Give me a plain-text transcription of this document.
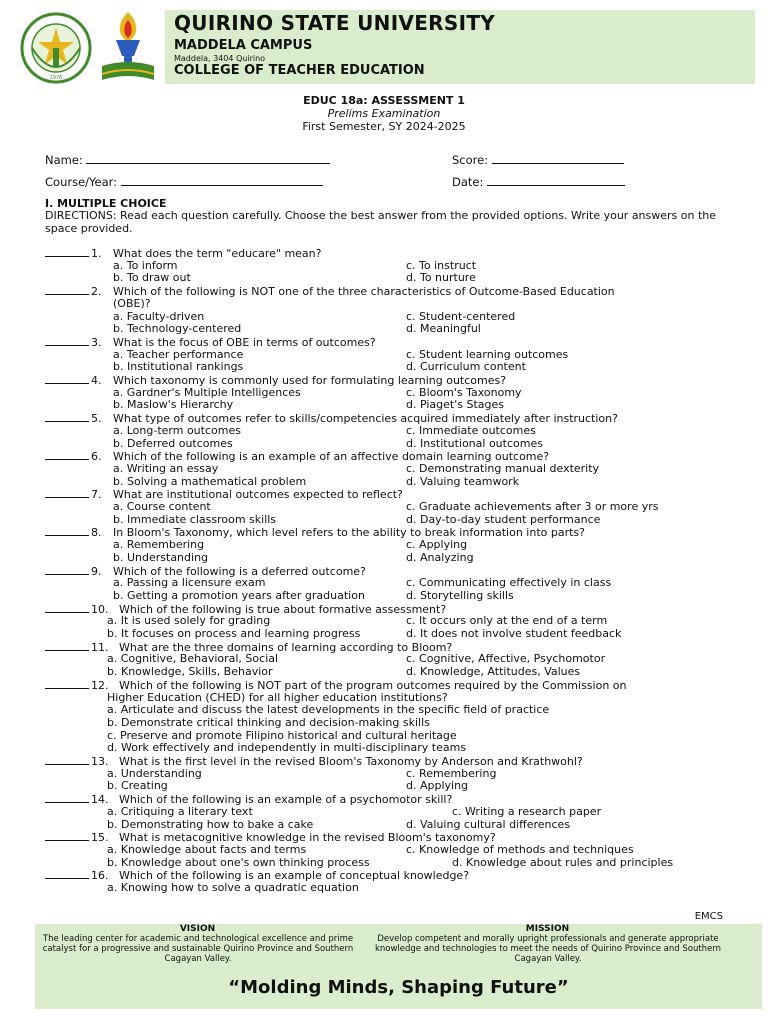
1976
QUIRINO STATE UNIVERSITY
MADDELA CAMPUS
Maddela, 3404 Quirino
COLLEGE OF TEACHER EDUCATION
EDUC 18a: ASSESSMENT 1
Prelims Examination
First Semester, SY 2024-2025
Name:	Score:
Course/Year:	Date:
I. MULTIPLE CHOICE
DIRECTIONS: Read each question carefully. Choose the best answer from the provided options. Write your answers on the space provided.
1. What does the term "educare" mean?
a. To inform	c. To instruct
b. To draw out	d. To nurture
2. Which of the following is NOT one of the three characteristics of Outcome-Based Education
(OBE)?
a. Faculty-driven	c. Student-centered
b. Technology-centered	d. Meaningful
3. What is the focus of OBE in terms of outcomes?
a. Teacher performance	c. Student learning outcomes
b. Institutional rankings	d. Curriculum content
4. Which taxonomy is commonly used for formulating learning outcomes?
a. Gardner's Multiple Intelligences	c. Bloom's Taxonomy
b. Maslow's Hierarchy	d. Piaget's Stages
5. What type of outcomes refer to skills/competencies acquired immediately after instruction?
a. Long-term outcomes	c. Immediate outcomes
b. Deferred outcomes	d. Institutional outcomes
6. Which of the following is an example of an affective domain learning outcome?
a. Writing an essay	c. Demonstrating manual dexterity
b. Solving a mathematical problem	d. Valuing teamwork
7. What are institutional outcomes expected to reflect?
a. Course content	c. Graduate achievements after 3 or more yrs
b. Immediate classroom skills	d. Day-to-day student performance
8. In Bloom's Taxonomy, which level refers to the ability to break information into parts?
a. Remembering	c. Applying
b. Understanding	d. Analyzing
9. Which of the following is a deferred outcome?
a. Passing a licensure exam	c. Communicating effectively in class
b. Getting a promotion years after graduation	d. Storytelling skills
10. Which of the following is true about formative assessment?
a. It is used solely for grading	c. It occurs only at the end of a term
b. It focuses on process and learning progress	d. It does not involve student feedback
11. What are the three domains of learning according to Bloom?
a. Cognitive, Behavioral, Social	c. Cognitive, Affective, Psychomotor
b. Knowledge, Skills, Behavior	d. Knowledge, Attitudes, Values
12. Which of the following is NOT part of the program outcomes required by the Commission on
Higher Education (CHED) for all higher education institutions?
a. Articulate and discuss the latest developments in the specific field of practice
b. Demonstrate critical thinking and decision-making skills
c. Preserve and promote Filipino historical and cultural heritage
d. Work effectively and independently in multi-disciplinary teams
13. What is the first level in the revised Bloom's Taxonomy by Anderson and Krathwohl?
a. Understanding	c. Remembering
b. Creating	d. Applying
14. Which of the following is an example of a psychomotor skill?
a. Critiquing a literary text	c. Writing a research paper
b. Demonstrating how to bake a cake	d. Valuing cultural differences
15. What is metacognitive knowledge in the revised Bloom's taxonomy?
a. Knowledge about facts and terms	c. Knowledge of methods and techniques
b. Knowledge about one's own thinking process	d. Knowledge about rules and principles
16. Which of the following is an example of conceptual knowledge?
a. Knowing how to solve a quadratic equation
EMCS
VISION
The leading center for academic and technological excellence and prime catalyst for a progressive and sustainable Quirino Province and Southern Cagayan Valley.
MISSION
Develop competent and morally upright professionals and generate appropriate knowledge and technologies to meet the needs of Quirino Province and Southern Cagayan Valley.
“Molding Minds, Shaping Future”
